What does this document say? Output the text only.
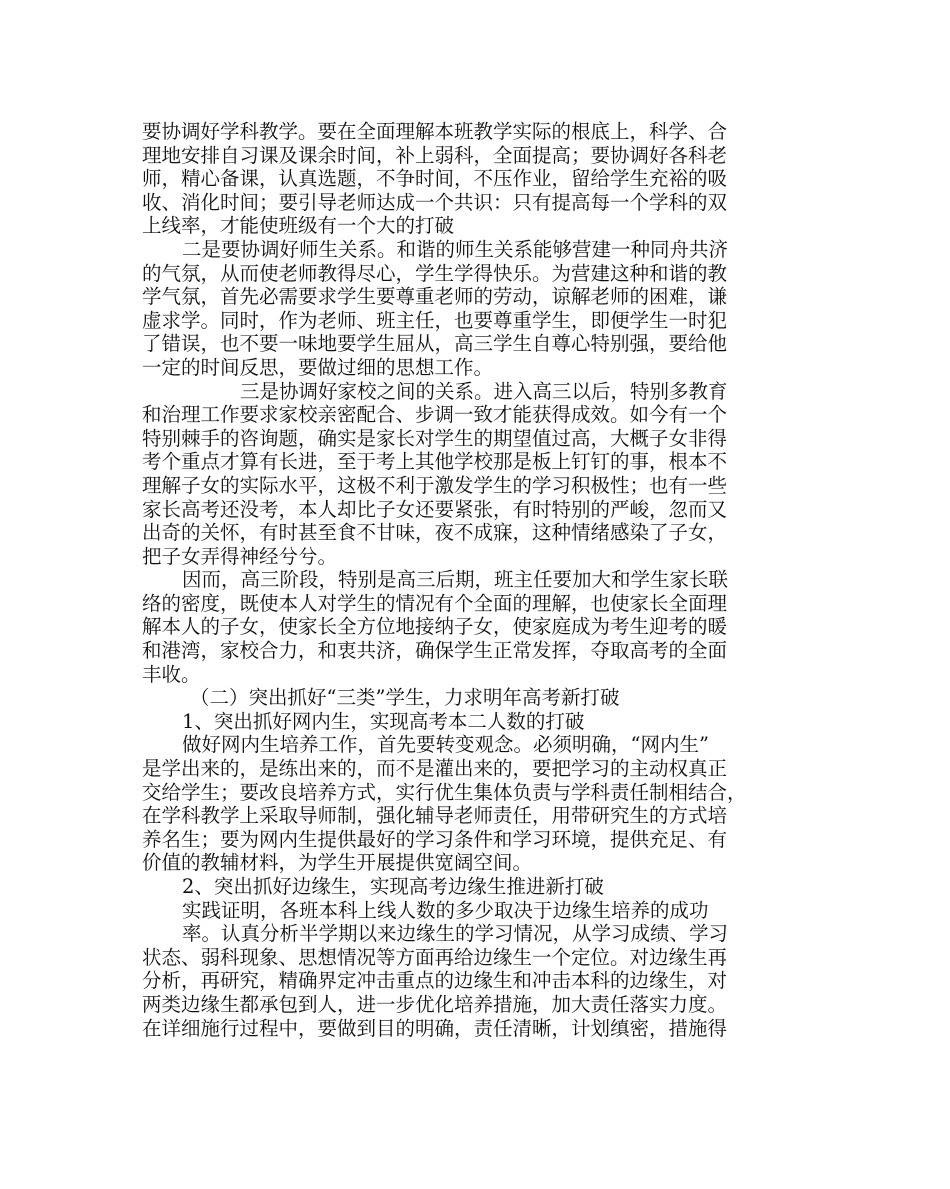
要协调好学科教学。要在全面理解本班教学实际的根底上，科学、合
理地安排自习课及课余时间，补上弱科，全面提高；要协调好各科老
师，精心备课，认真选题，不争时间，不压作业，留给学生充裕的吸
收、消化时间；要引导老师达成一个共识：只有提高每一个学科的双
上线率，才能使班级有一个大的打破
二是要协调好师生关系。和谐的师生关系能够营建一种同舟共济
的气氛，从而使老师教得尽心，学生学得快乐。为营建这种和谐的教
学气氛，首先必需要求学生要尊重老师的劳动，谅解老师的困难，谦
虚求学。同时，作为老师、班主任，也要尊重学生，即便学生一时犯
了错误，也不要一味地要学生屈从，高三学生自尊心特别强，要给他
一定的时间反思，要做过细的思想工作。
三是协调好家校之间的关系。进入高三以后，特别多教育
和治理工作要求家校亲密配合、步调一致才能获得成效。如今有一个
特别棘手的咨询题，确实是家长对学生的期望值过高，大概子女非得
考个重点才算有长进，至于考上其他学校那是板上钉钉的事，根本不
理解子女的实际水平，这极不利于激发学生的学习积极性；也有一些
家长高考还没考，本人却比子女还要紧张，有时特别的严峻，忽而又
出奇的关怀，有时甚至食不甘味，夜不成寐，这种情绪感染了子女，
把子女弄得神经兮兮。
因而，高三阶段，特别是高三后期，班主任要加大和学生家长联
络的密度，既使本人对学生的情况有个全面的理解，也使家长全面理
解本人的子女，使家长全方位地接纳子女，使家庭成为考生迎考的暖
和港湾，家校合力，和衷共济，确保学生正常发挥，夺取高考的全面
丰收。
（二）突出抓好“三类”学生，力求明年高考新打破
1、突出抓好网内生，实现高考本二人数的打破
做好网内生培养工作，首先要转变观念。必须明确，“网内生”
是学出来的，是练出来的，而不是灌出来的，要把学习的主动权真正
交给学生；要改良培养方式，实行优生集体负责与学科责任制相结合，
在学科教学上采取导师制，强化辅导老师责任，用带研究生的方式培
养名生；要为网内生提供最好的学习条件和学习环境，提供充足、有
价值的教辅材料，为学生开展提供宽阔空间。
2、突出抓好边缘生，实现高考边缘生推进新打破
实践证明，各班本科上线人数的多少取决于边缘生培养的成功
率。认真分析半学期以来边缘生的学习情况，从学习成绩、学习
状态、弱科现象、思想情况等方面再给边缘生一个定位。对边缘生再
分析，再研究，精确界定冲击重点的边缘生和冲击本科的边缘生，对
两类边缘生都承包到人，进一步优化培养措施，加大责任落实力度。
在详细施行过程中，要做到目的明确，责任清晰，计划缜密，措施得
